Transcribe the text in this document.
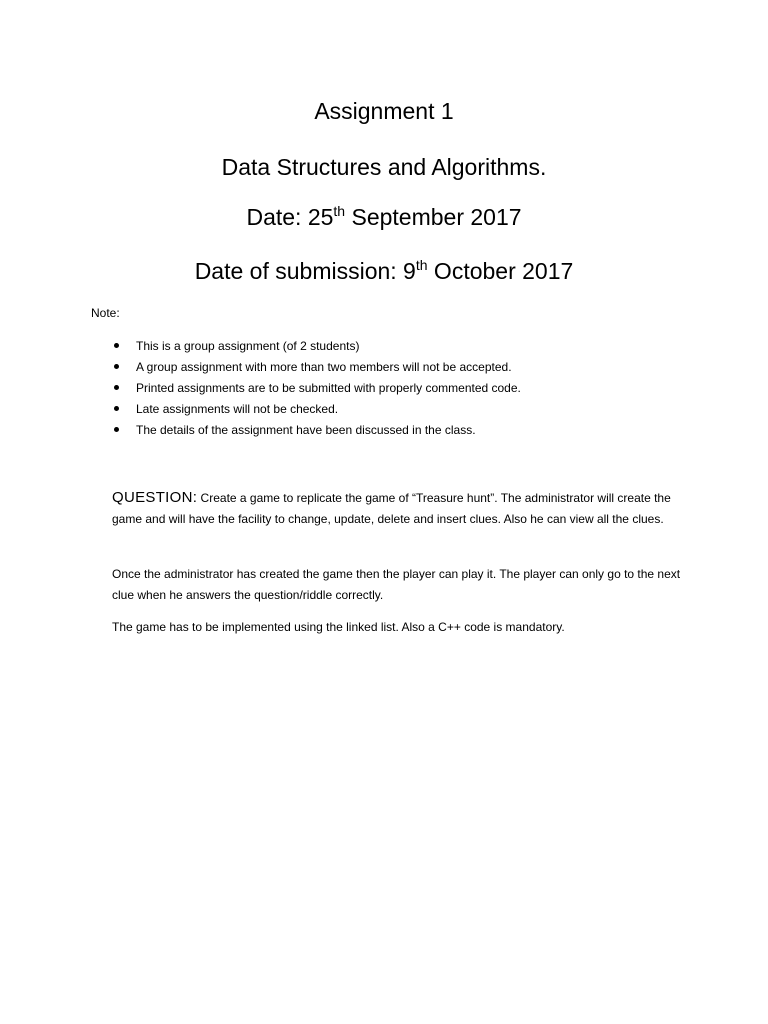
Assignment 1
Data Structures and Algorithms.
Date: 25th September 2017
Date of submission: 9th October 2017
Note:
This is a group assignment (of 2 students)
A group assignment with more than two members will not be accepted.
Printed assignments are to be submitted with properly commented code.
Late assignments will not be checked.
The details of the assignment have been discussed in the class.

QUESTION: Create a game to replicate the game of “Treasure hunt”. The administrator will create the game and will have the facility to change, update, delete and insert clues. Also he can view all the clues.

Once the administrator has created the game then the player can play it. The player can only go to the next clue when he answers the question/riddle correctly.

The game has to be implemented using the linked list. Also a C++ code is mandatory.
